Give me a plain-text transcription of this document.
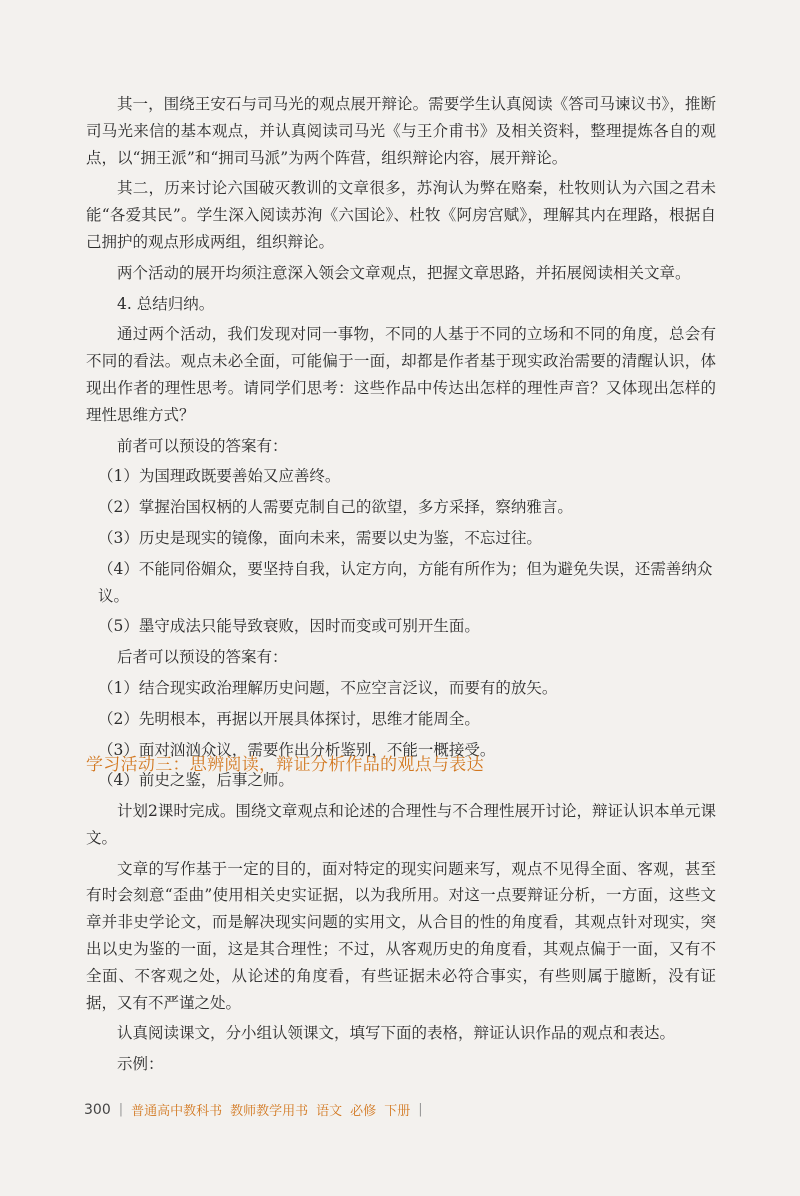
其一，围绕王安石与司马光的观点展开辩论。需要学生认真阅读《答司马谏议书》，推断司马光来信的基本观点，并认真阅读司马光《与王介甫书》及相关资料，整理提炼各自的观点，以“拥王派”和“拥司马派”为两个阵营，组织辩论内容，展开辩论。

其二，历来讨论六国破灭教训的文章很多，苏洵认为弊在赂秦，杜牧则认为六国之君未能“各爱其民”。学生深入阅读苏洵《六国论》、杜牧《阿房宫赋》，理解其内在理路，根据自己拥护的观点形成两组，组织辩论。

两个活动的展开均须注意深入领会文章观点，把握文章思路，并拓展阅读相关文章。

4. 总结归纳。

通过两个活动，我们发现对同一事物，不同的人基于不同的立场和不同的角度，总会有不同的看法。观点未必全面，可能偏于一面，却都是作者基于现实政治需要的清醒认识，体现出作者的理性思考。请同学们思考：这些作品中传达出怎样的理性声音？又体现出怎样的理性思维方式？

前者可以预设的答案有：

（1）为国理政既要善始又应善终。

（2）掌握治国权柄的人需要克制自己的欲望，多方采择，察纳雅言。

（3）历史是现实的镜像，面向未来，需要以史为鉴，不忘过往。

（4）不能同俗媚众，要坚持自我，认定方向，方能有所作为；但为避免失误，还需善纳众议。

（5）墨守成法只能导致衰败，因时而变或可别开生面。

后者可以预设的答案有：

（1）结合现实政治理解历史问题，不应空言泛议，而要有的放矢。

（2）先明根本，再据以开展具体探讨，思维才能周全。

（3）面对汹汹众议，需要作出分析鉴别，不能一概接受。

（4）前史之鉴，后事之师。

学习活动三：思辨阅读，辩证分析作品的观点与表达

计划2课时完成。围绕文章观点和论述的合理性与不合理性展开讨论，辩证认识本单元课文。

文章的写作基于一定的目的，面对特定的现实问题来写，观点不见得全面、客观，甚至有时会刻意“歪曲”使用相关史实证据，以为我所用。对这一点要辩证分析，一方面，这些文章并非史学论文，而是解决现实问题的实用文，从合目的性的角度看，其观点针对现实，突出以史为鉴的一面，这是其合理性；不过，从客观历史的角度看，其观点偏于一面，又有不全面、不客观之处，从论述的角度看，有些证据未必符合事实，有些则属于臆断，没有证据，又有不严谨之处。

认真阅读课文，分小组认领课文，填写下面的表格，辩证认识作品的观点和表达。

示例：

300 | 普通高中教科书 教师教学用书 语文 必修 下册 |
